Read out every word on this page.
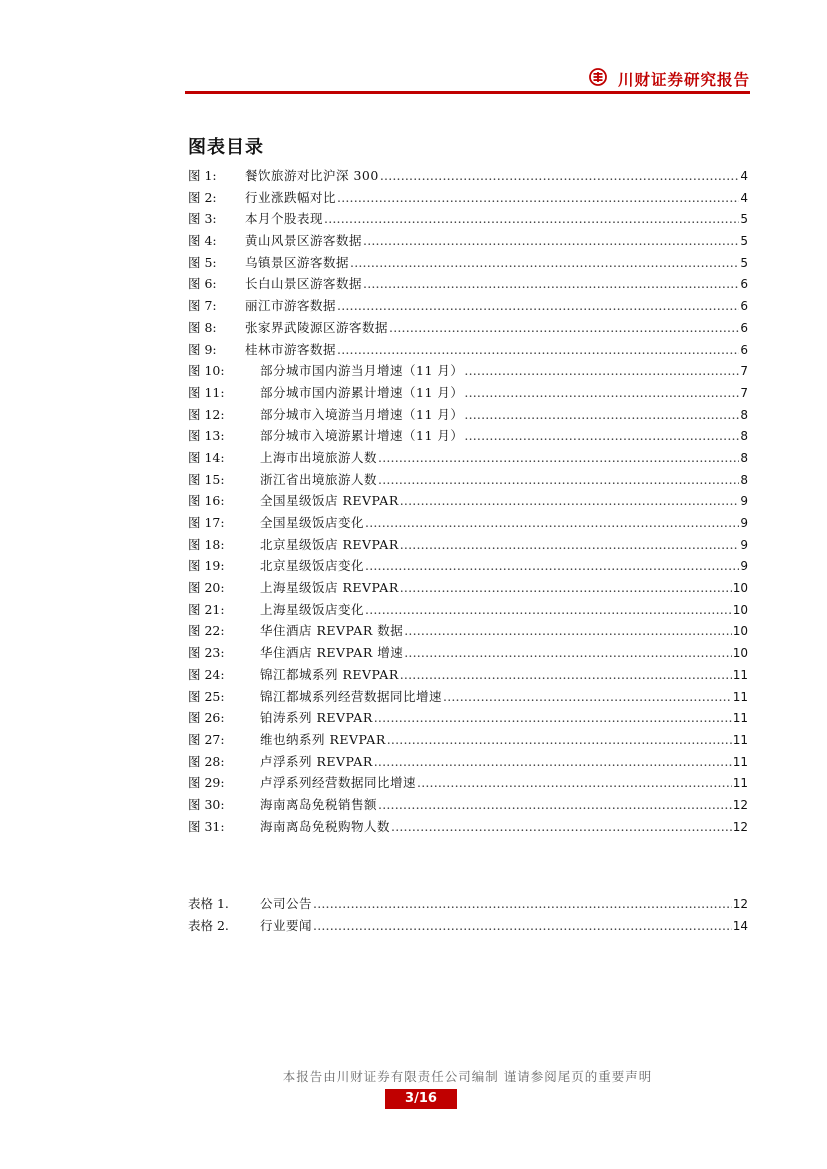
川财证券研究报告
图表目录
图 1: 餐饮旅游对比沪深 300 .....	4
图 2: 行业涨跌幅对比 .....	4
图 3: 本月个股表现 .....	5
图 4: 黄山风景区游客数据 .....	5
图 5: 乌镇景区游客数据 .....	5
图 6: 长白山景区游客数据 .....	6
图 7: 丽江市游客数据 .....	6
图 8: 张家界武陵源区游客数据 .....	6
图 9: 桂林市游客数据 .....	6
图 10:	部分城市国内游当月增速（11 月） .....	7
图 11:	部分城市国内游累计增速（11 月） .....	7
图 12:	部分城市入境游当月增速（11 月） .....	8
图 13:	部分城市入境游累计增速（11 月） .....	8
图 14:	上海市出境旅游人数 .....	8
图 15:	浙江省出境旅游人数 .....	8
图 16:	全国星级饭店 REVPAR .....	9
图 17:	全国星级饭店变化 .....	9
图 18:	北京星级饭店 REVPAR .....	9
图 19:	北京星级饭店变化 .....	9
图 20:	上海星级饭店 REVPAR .....	10
图 21:	上海星级饭店变化 .....	10
图 22:	华住酒店 REVPAR 数据 .....	10
图 23:	华住酒店 REVPAR 增速 .....	10
图 24:	锦江都城系列 REVPAR .....	11
图 25:	锦江都城系列经营数据同比增速 .....	11
图 26:	铂涛系列 REVPAR .....	11
图 27:	维也纳系列 REVPAR .....	11
图 28:	卢浮系列 REVPAR .....	11
图 29:	卢浮系列经营数据同比增速 .....	11
图 30:	海南离岛免税销售额 .....	12
图 31:	海南离岛免税购物人数 .....	12
表格 1. 公司公告 .....	12
表格 2. 行业要闻 .....	14
本报告由川财证券有限责任公司编制 谨请参阅尾页的重要声明
3/16
